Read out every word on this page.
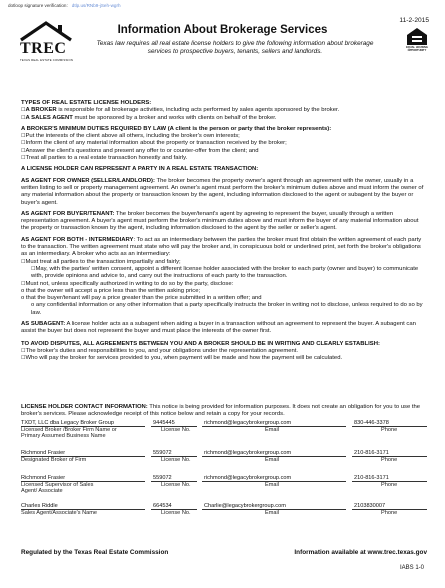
dotloop signature verification: dtlp.us/RNb9-jSeh-wgrh
TREC
TEXAS REAL ESTATE COMMISSION
11-2-2015
EQUAL HOUSING OPPORTUNITY
Information About Brokerage Services
Texas law requires all real estate license holders to give the following information about brokerage services to prospective buyers, tenants, sellers and landlords.

TYPES OF REAL ESTATE LICENSE HOLDERS:

☐A BROKER is responsible for all brokerage activities, including acts performed by sales agents sponsored by the broker.

☐A SALES AGENT must be sponsored by a broker and works with clients on behalf of the broker.

A BROKER'S MINIMUM DUTIES REQUIRED BY LAW (A client is the person or party that the broker represents):

☐Put the interests of the client above all others, including the broker's own interests;

☐Inform the client of any material information about the property or transaction received by the broker;

☐Answer the client's questions and present any offer to or counter-offer from the client; and

☐Treat all parties to a real estate transaction honestly and fairly.

A LICENSE HOLDER CAN REPRESENT A PARTY IN A REAL ESTATE TRANSACTION:

AS AGENT FOR OWNER (SELLER/LANDLORD): The broker becomes the property owner's agent through an agreement with the owner, usually in a written listing to sell or property management agreement. An owner's agent must perform the broker's minimum duties above and must inform the owner of any material information about the property or transaction known by the agent, including information disclosed to the agent or subagent by the buyer or buyer's agent.

AS AGENT FOR BUYER/TENANT: The broker becomes the buyer/tenant's agent by agreeing to represent the buyer, usually through a written representation agreement. A buyer's agent must perform the broker's minimum duties above and must inform the buyer of any material information about the property or transaction known by the agent, including information disclosed to the agent by the seller or seller's agent.

AS AGENT FOR BOTH - INTERMEDIARY: To act as an intermediary between the parties the broker must first obtain the written agreement of each party to the transaction. The written agreement must state who will pay the broker and, in conspicuous bold or underlined print, set forth the broker's obligations as an intermediary. A broker who acts as an intermediary:

☐Must treat all parties to the transaction impartially and fairly;

☐May, with the parties' written consent, appoint a different license holder associated with the broker to each party (owner and buyer) to communicate with, provide opinions and advice to, and carry out the instructions of each party to the transaction.

☐Must not, unless specifically authorized in writing to do so by the party, disclose:

o that the owner will accept a price less than the written asking price;

o that the buyer/tenant will pay a price greater than the price submitted in a written offer; and

o any confidential information or any other information that a party specifically instructs the broker in writing not to disclose, unless required to do so by law.

AS SUBAGENT: A license holder acts as a subagent when aiding a buyer in a transaction without an agreement to represent the buyer. A subagent can assist the buyer but does not represent the buyer and must place the interests of the owner first.

TO AVOID DISPUTES, ALL AGREEMENTS BETWEEN YOU AND A BROKER SHOULD BE IN WRITING AND CLEARLY ESTABLISH:

☐The broker's duties and responsibilities to you, and your obligations under the representation agreement.

☐Who will pay the broker for services provided to you, when payment will be made and how the payment will be calculated.

LICENSE HOLDER CONTACT INFORMATION: This notice is being provided for information purposes. It does not create an obligation for you to use the broker's services. Please acknowledge receipt of this notice below and retain a copy for your records.
TXDT, LLC dba Legacy Broker Group	9445445	richmond@legacybrokergroup.com	830-446-3378
Licensed Broker /Broker Firm Name or
Primary Assumed Business Name
License No.	Email	Phone
Richmond Frasier	559072	richmond@legacybrokergroup.com	210-816-3171
Designated Broker of Firm	License No.	Email	Phone
Richmond Frasier	559072	richmond@legacybrokergroup.com	210-816-3171
Licensed Supervisor of Sales
Agent/ Associate
License No.	Email	Phone
Charles Riddle	664534	Charlie@legacybrokergroup.com	2103830007
Sales Agent/Associate's Name	License No.	Email	Phone
Regulated by the Texas Real Estate Commission	Information available at www.trec.texas.gov
IABS 1-0
